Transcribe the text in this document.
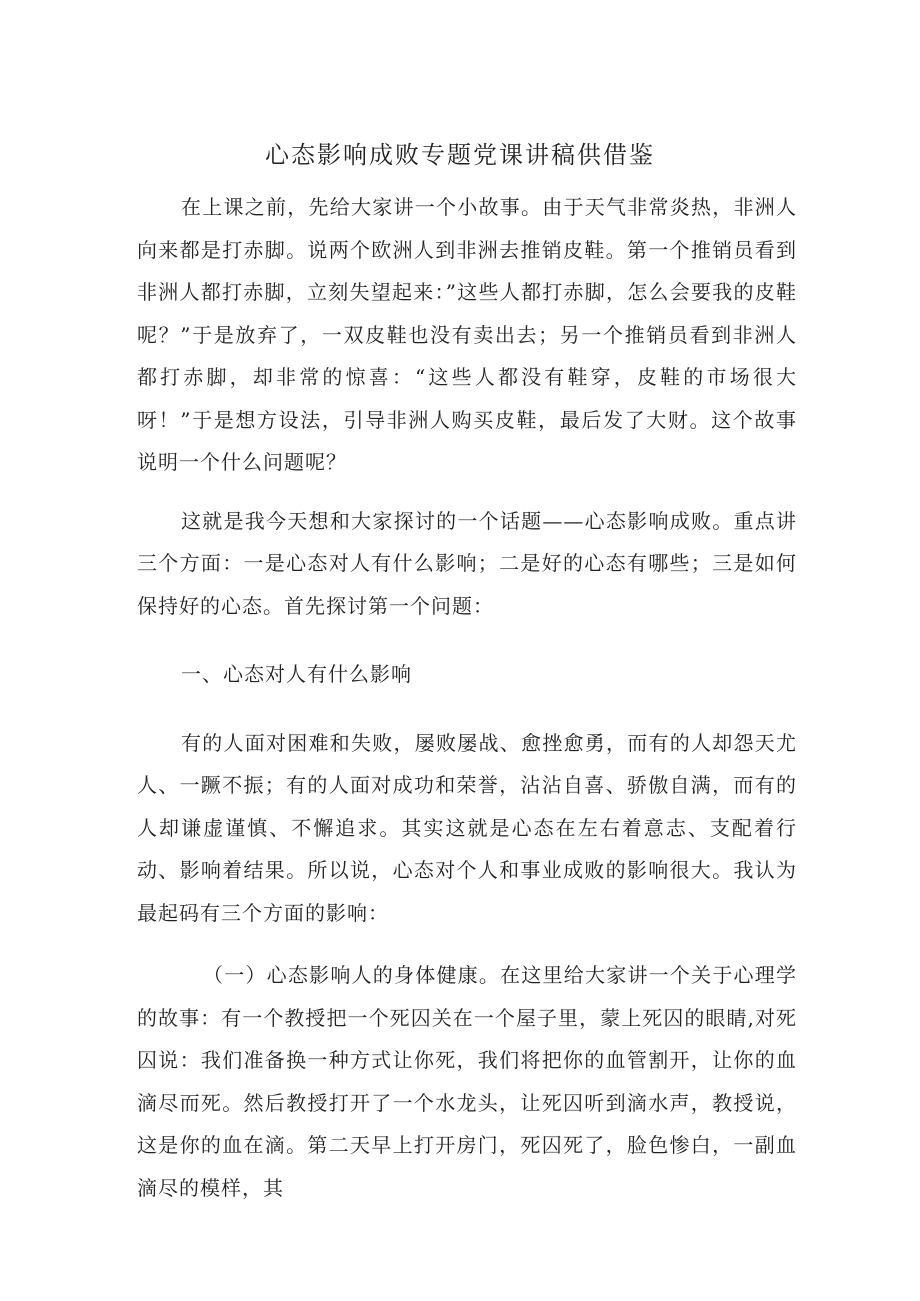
心态影响成败专题党课讲稿供借鉴

在上课之前，先给大家讲一个小故事。由于天气非常炎热，非洲人向来都是打赤脚。说两个欧洲人到非洲去推销皮鞋。第一个推销员看到非洲人都打赤脚，立刻失望起来：”这些人都打赤脚，怎么会要我的皮鞋呢？”于是放弃了，一双皮鞋也没有卖出去；另一个推销员看到非洲人都打赤脚，却非常的惊喜：“这些人都没有鞋穿，皮鞋的市场很大呀！”于是想方设法，引导非洲人购买皮鞋，最后发了大财。这个故事说明一个什么问题呢？

这就是我今天想和大家探讨的一个话题——心态影响成败。重点讲三个方面：一是心态对人有什么影响；二是好的心态有哪些；三是如何保持好的心态。首先探讨第一个问题：

一、心态对人有什么影响

有的人面对困难和失败，屡败屡战、愈挫愈勇，而有的人却怨天尤人、一蹶不振；有的人面对成功和荣誉，沾沾自喜、骄傲自满，而有的人却谦虚谨慎、不懈追求。其实这就是心态在左右着意志、支配着行动、影响着结果。所以说，心态对个人和事业成败的影响很大。我认为最起码有三个方面的影响：

（一）心态影响人的身体健康。在这里给大家讲一个关于心理学的故事：有一个教授把一个死囚关在一个屋子里，蒙上死囚的眼睛,对死囚说：我们准备换一种方式让你死，我们将把你的血管割开，让你的血滴尽而死。然后教授打开了一个水龙头，让死囚听到滴水声，教授说，这是你的血在滴。第二天早上打开房门，死囚死了，脸色惨白，一副血滴尽的模样，其
